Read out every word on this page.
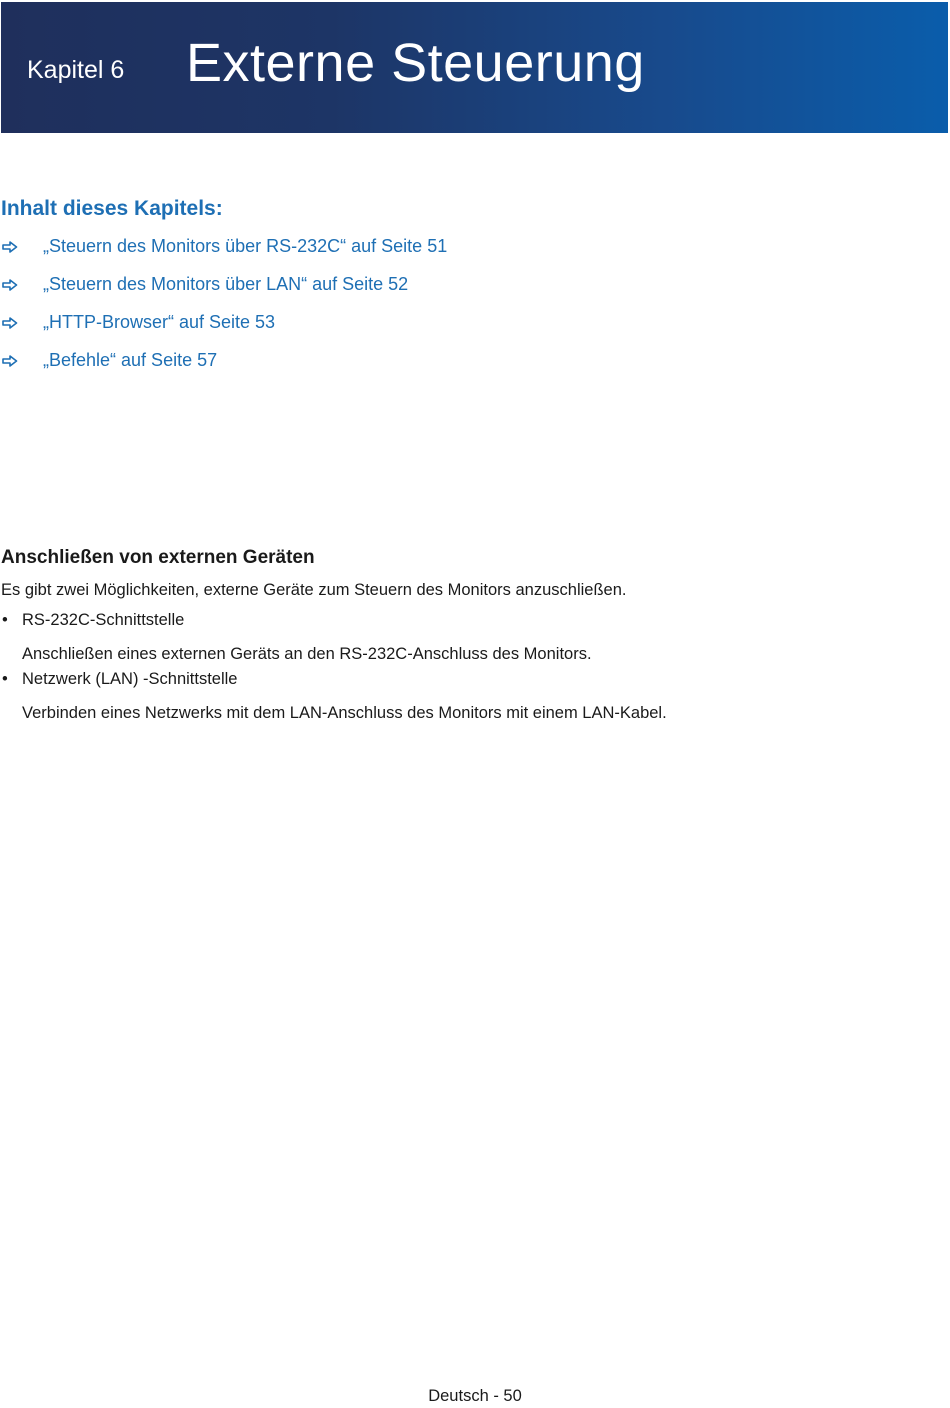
Kapitel 6 Externe Steuerung
Inhalt dieses Kapitels:
„Steuern des Monitors über RS-232C“ auf Seite 51
„Steuern des Monitors über LAN“ auf Seite 52
„HTTP-Browser“ auf Seite 53
„Befehle“ auf Seite 57
Anschließen von externen Geräten
Es gibt zwei Möglichkeiten, externe Geräte zum Steuern des Monitors anzuschließen.
• RS-232C-Schnittstelle
Anschließen eines externen Geräts an den RS-232C-Anschluss des Monitors.
• Netzwerk (LAN) -Schnittstelle
Verbinden eines Netzwerks mit dem LAN-Anschluss des Monitors mit einem LAN-Kabel.
Deutsch - 50
